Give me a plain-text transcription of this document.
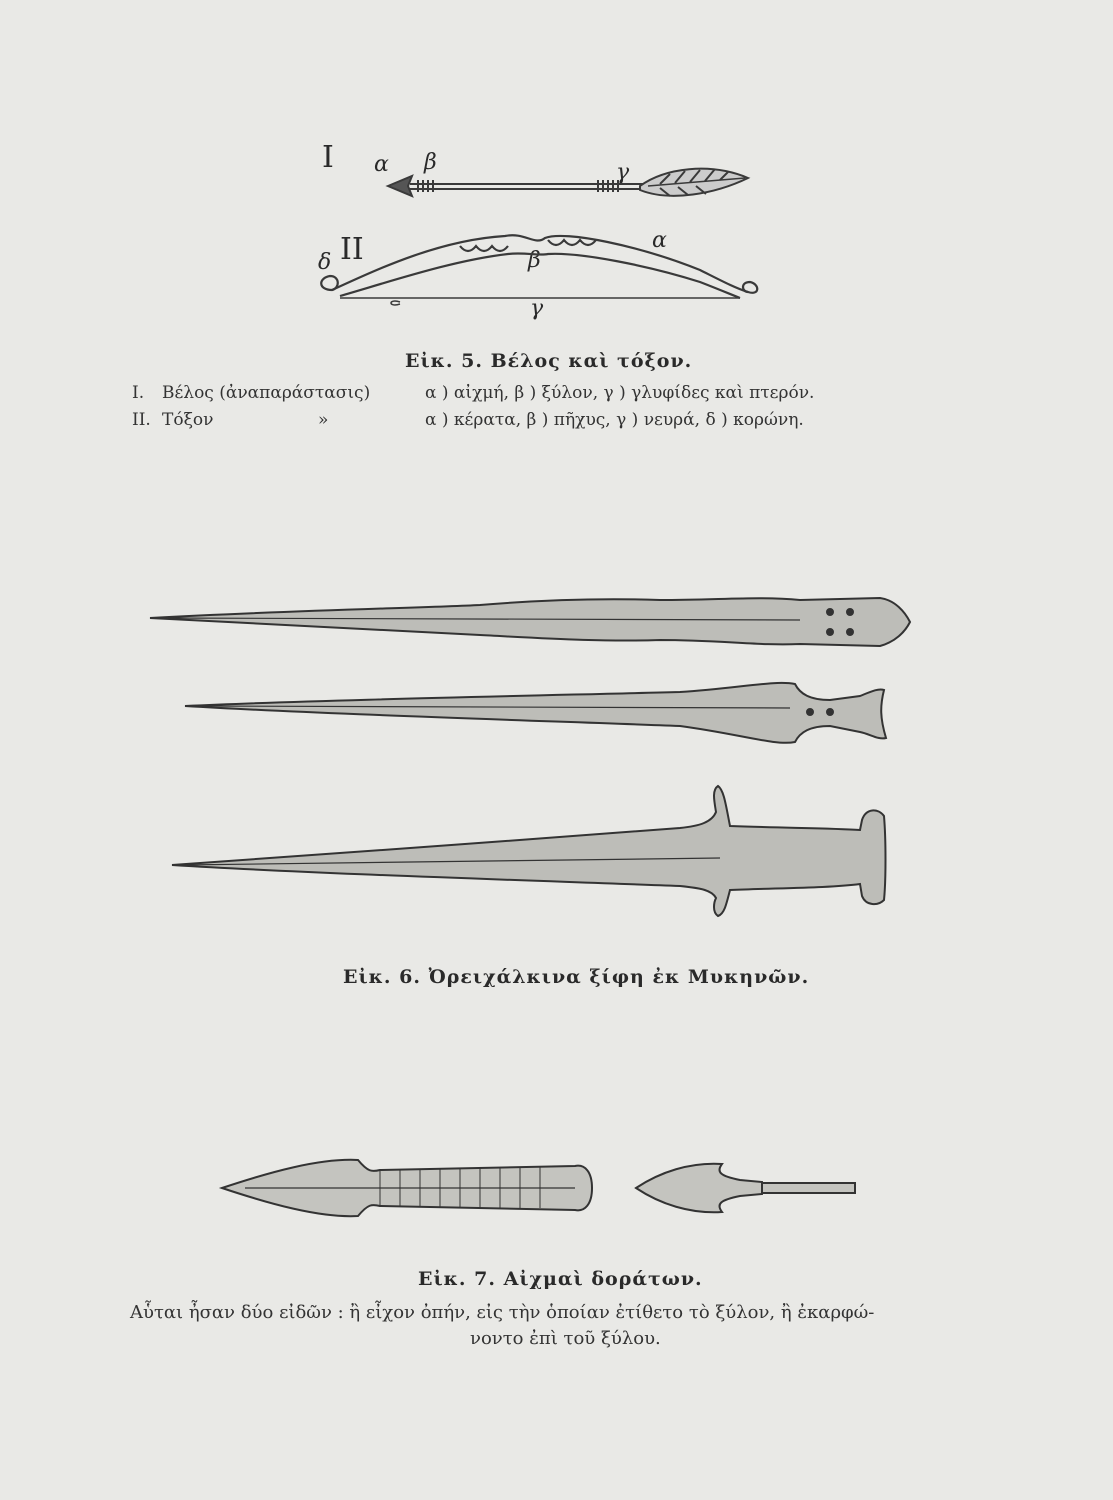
I α β	γ
II
δ
α
β
γ
Εἰκ. 5. Βέλος καὶ τόξον.
I. Βέλος (ἀναπαράστασις)	α ) αἰχμή, β ) ξύλον, γ ) γλυφίδες καὶ πτερόν.
II. Τόξον	»	α ) κέρατα, β ) πῆχυς, γ ) νευρά, δ ) κορώνη.
Εἰκ. 6. Ὀρειχάλκινα ξίφη ἐκ Μυκηνῶν.
Εἰκ. 7. Αἰχμαὶ δοράτων.
Αὗται ἦσαν δύο εἰδῶν : ἢ εἶχον ὀπήν, εἰς τὴν ὁποίαν ἐτίθετο τὸ ξύλον, ἢ ἐκαρφώ-
νοντο ἐπὶ τοῦ ξύλου.
